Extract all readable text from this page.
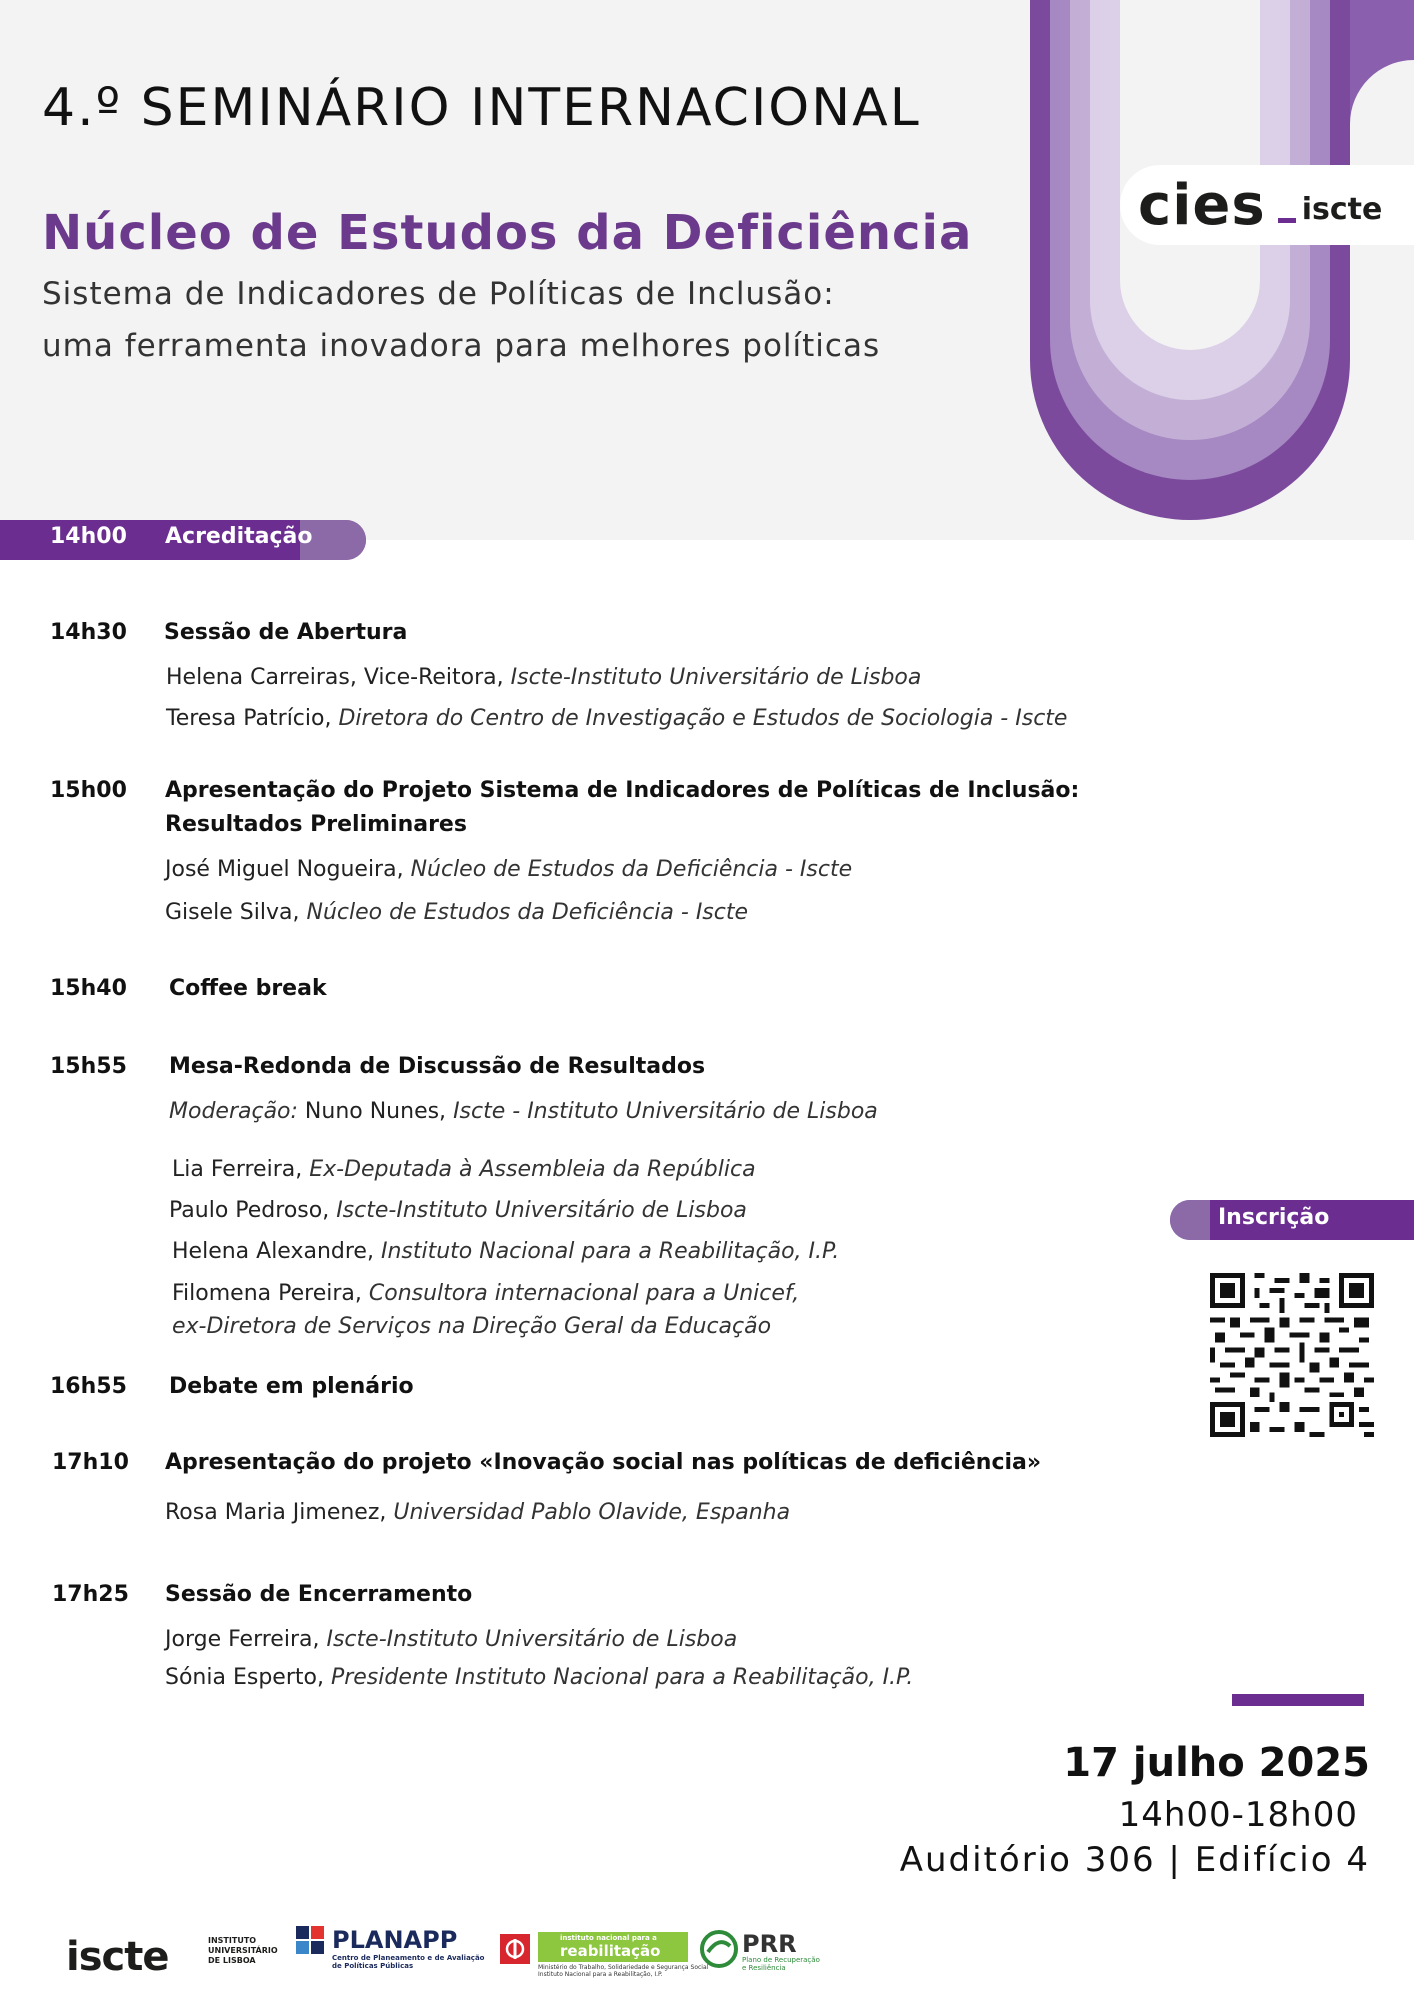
cies iscte
4.º SEMINÁRIO INTERNACIONAL
Núcleo de Estudos da Deficiência
Sistema de Indicadores de Políticas de Inclusão:
uma ferramenta inovadora para melhores políticas
14h00 Acreditação
14h30 Sessão de Abertura
Helena Carreiras, Vice-Reitora, Iscte-Instituto Universitário de Lisboa
Teresa Patrício, Diretora do Centro de Investigação e Estudos de Sociologia - Iscte
15h00 Apresentação do Projeto Sistema de Indicadores de Políticas de Inclusão:
Resultados Preliminares
José Miguel Nogueira, Núcleo de Estudos da Deficiência - Iscte
Gisele Silva, Núcleo de Estudos da Deficiência - Iscte
15h40 Coffee break
15h55 Mesa-Redonda de Discussão de Resultados
Moderação: Nuno Nunes, Iscte - Instituto Universitário de Lisboa
Lia Ferreira, Ex-Deputada à Assembleia da República
Paulo Pedroso, Iscte-Instituto Universitário de Lisboa
Helena Alexandre, Instituto Nacional para a Reabilitação, I.P.
Filomena Pereira, Consultora internacional para a Unicef,
ex-Diretora de Serviços na Direção Geral da Educação
16h55 Debate em plenário
17h10 Apresentação do projeto «Inovação social nas políticas de deficiência»
Rosa Maria Jimenez, Universidad Pablo Olavide, Espanha
17h25 Sessão de Encerramento
Jorge Ferreira, Iscte-Instituto Universitário de Lisboa
Sónia Esperto, Presidente Instituto Nacional para a Reabilitação, I.P.
Inscrição
17 julho 2025
14h00-18h00
Auditório 306 | Edifício 4
iscte	INSTITUTO
UNIVERSITÁRIO
DE LISBOA
PLANAPP
Centro de Planeamento e de Avaliação
de Políticas Públicas
instituto nacional para a
reabilitação
Ministério do Trabalho, Solidariedade e Segurança Social
Instituto Nacional para a Reabilitação, I.P.
PRR
Plano de Recuperação
e Resiliência
